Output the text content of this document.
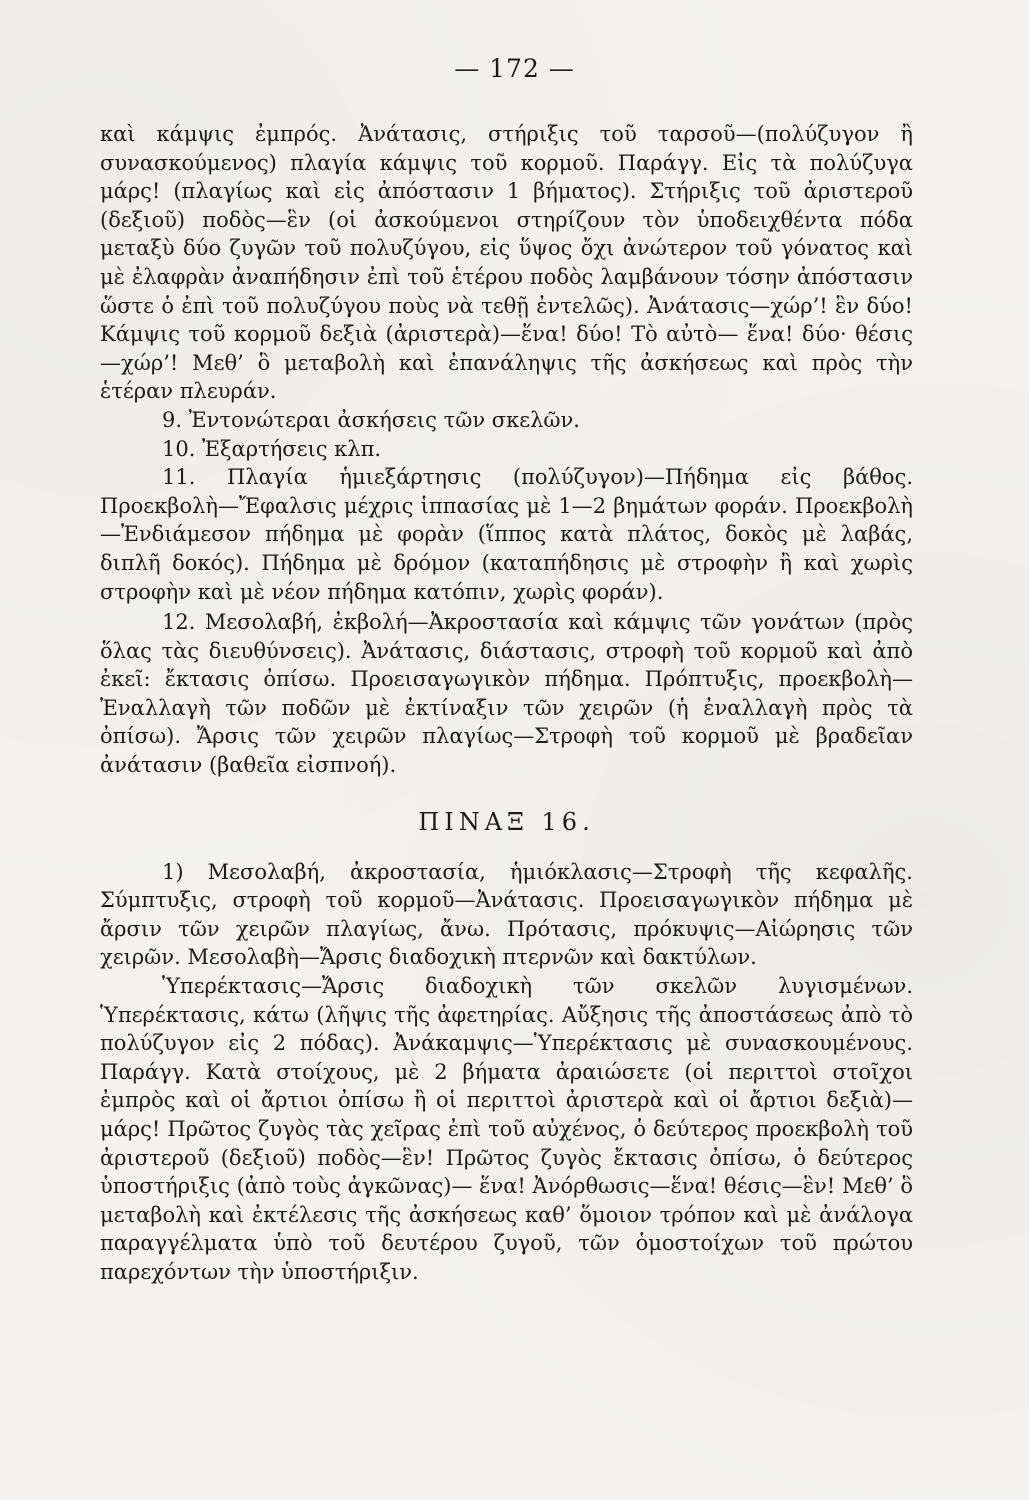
— 172 —

καὶ κάμψις ἐμπρός. Ἀνάτασις, στήριξις τοῦ ταρσοῦ—(πολύζυγον ἢ συνασκούμενος) πλαγία κάμψις τοῦ κορμοῦ. Παράγγ. Εἰς τὰ πολύζυγα μάρς! (πλαγίως καὶ εἰς ἀπόστασιν 1 βήματος). Στήριξις τοῦ ἀριστεροῦ (δεξιοῦ) ποδὸς—ἓν (οἱ ἀσκούμενοι στηρίζουν τὸν ὑποδειχθέντα πόδα μεταξὺ δύο ζυγῶν τοῦ πολυζύγου, εἰς ὕψος ὄχι ἀνώτερον τοῦ γόνατος καὶ μὲ ἐλαφρὰν ἀναπήδησιν ἐπὶ τοῦ ἑτέρου ποδὸς λαμβάνουν τόσην ἀπόστασιν ὥστε ὁ ἐπὶ τοῦ πολυζύγου ποὺς νὰ τεθῇ ἐντελῶς). Ἀνάτασις—χώρ’! ἓν δύο! Κάμψις τοῦ κορμοῦ δεξιὰ (ἀριστερὰ)—ἕνα! δύο! Τὸ αὐτὸ— ἕνα! δύο· θέσις—χώρ’! Μεθ’ ὃ μεταβολὴ καὶ ἐπανάληψις τῆς ἀσκήσεως καὶ πρὸς τὴν ἑτέραν πλευράν.

9. Ἐντονώτεραι ἀσκήσεις τῶν σκελῶν.

10. Ἐξαρτήσεις κλπ.

11. Πλαγία ἡμιεξάρτησις (πολύζυγον)—Πήδημα εἰς βάθος. Προεκβολὴ—Ἔφαλσις μέχρις ἱππασίας μὲ 1—2 βημάτων φοράν. Προεκβολὴ—Ἐνδιάμεσον πήδημα μὲ φορὰν (ἵππος κατὰ πλάτος, δοκὸς μὲ λαβάς, διπλῆ δοκός). Πήδημα μὲ δρόμον (καταπήδησις μὲ στροφὴν ἢ καὶ χωρὶς στροφὴν καὶ μὲ νέον πήδημα κατόπιν, χωρὶς φοράν).

12. Μεσολαβή, ἐκβολή—Ἀκροστασία καὶ κάμψις τῶν γονάτων (πρὸς ὅλας τὰς διευθύνσεις). Ἀνάτασις, διάστασις, στροφὴ τοῦ κορμοῦ καὶ ἀπὸ ἐκεῖ: ἔκτασις ὀπίσω. Προεισαγωγικὸν πήδημα. Πρόπτυξις, προεκβολὴ—Ἐναλλαγὴ τῶν ποδῶν μὲ ἐκτίναξιν τῶν χειρῶν (ἡ ἐναλλαγὴ πρὸς τὰ ὀπίσω). Ἄρσις τῶν χειρῶν πλαγίως—Στροφὴ τοῦ κορμοῦ μὲ βραδεῖαν ἀνάτασιν (βαθεῖα εἰσπνοή).

ΠΙΝΑΞ 16.

1) Μεσολαβή, ἀκροστασία, ἡμιόκλασις—Στροφὴ τῆς κεφαλῆς. Σύμπτυξις, στροφὴ τοῦ κορμοῦ—Ἀνάτασις. Προεισαγωγικὸν πήδημα μὲ ἄρσιν τῶν χειρῶν πλαγίως, ἄνω. Πρότασις, πρόκυψις—Αἰώρησις τῶν χειρῶν. Μεσολαβὴ—Ἄρσις διαδοχικὴ πτερνῶν καὶ δακτύλων.

Ὑπερέκτασις—Ἄρσις διαδοχικὴ τῶν σκελῶν λυγισμένων. Ὑπερέκτασις, κάτω (λῆψις τῆς ἀφετηρίας. Αὔξησις τῆς ἀποστάσεως ἀπὸ τὸ πολύζυγον εἰς 2 πόδας). Ἀνάκαμψις—Ὑπερέκτασις μὲ συνασκουμένους. Παράγγ. Κατὰ στοίχους, μὲ 2 βήματα ἀραιώσετε (οἱ περιττοὶ στοῖχοι ἐμπρὸς καὶ οἱ ἄρτιοι ὀπίσω ἢ οἱ περιττοὶ ἀριστερὰ καὶ οἱ ἄρτιοι δεξιὰ)— μάρς! Πρῶτος ζυγὸς τὰς χεῖρας ἐπὶ τοῦ αὐχένος, ὁ δεύτερος προεκβολὴ τοῦ ἀριστεροῦ (δεξιοῦ) ποδὸς—ἓν! Πρῶτος ζυγὸς ἔκτασις ὀπίσω, ὁ δεύτερος ὑποστήριξις (ἀπὸ τοὺς ἀγκῶνας)— ἕνα! Ἀνόρθωσις—ἕνα! θέσις—ἓν! Μεθ’ ὃ μεταβολὴ καὶ ἐκτέλεσις τῆς ἀσκήσεως καθ’ ὅμοιον τρόπον καὶ μὲ ἀνάλογα παραγγέλματα ὑπὸ τοῦ δευτέρου ζυγοῦ, τῶν ὁμοστοίχων τοῦ πρώτου παρεχόντων τὴν ὑποστήριξιν.
